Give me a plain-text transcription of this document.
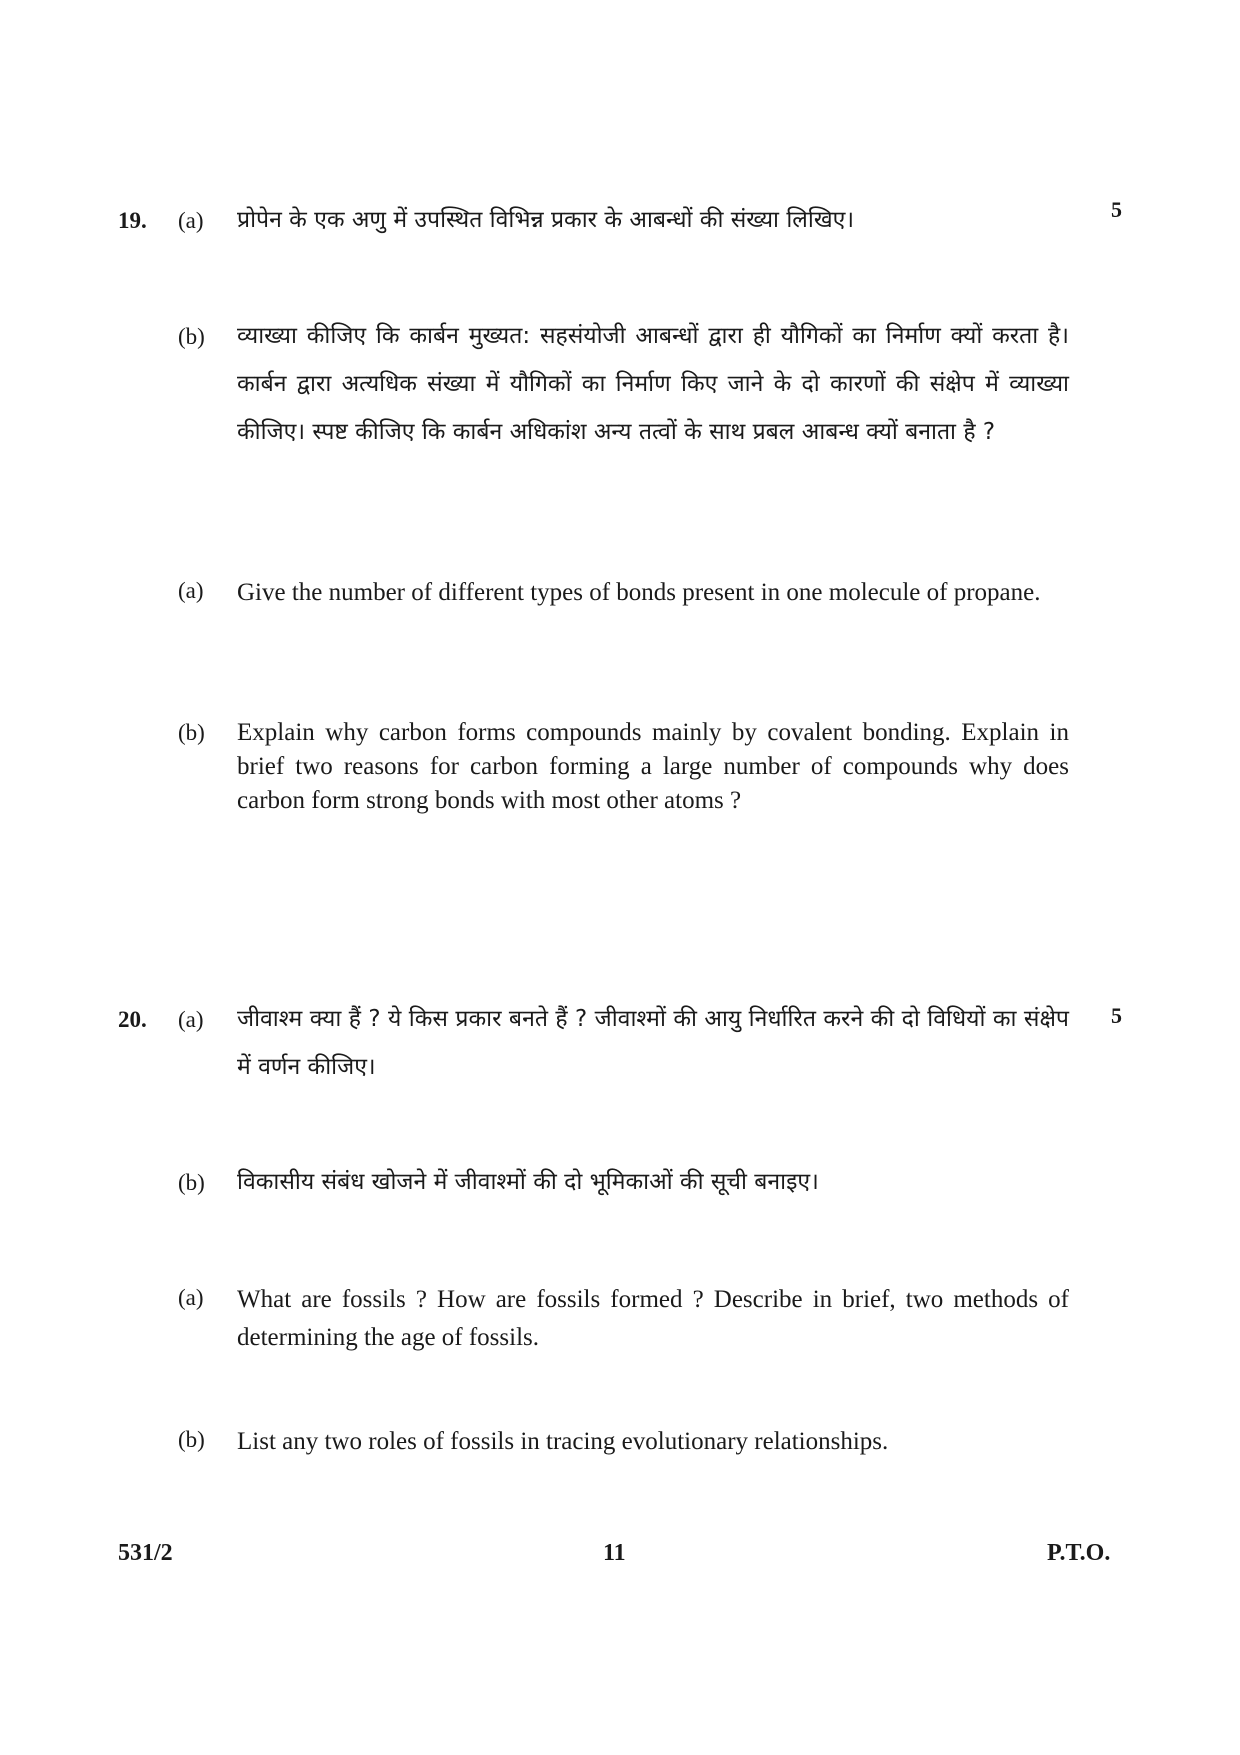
19.	5
(a) प्रोपेन के एक अणु में उपस्थित विभिन्न प्रकार के आबन्धों की संख्या लिखिए।

(b) व्याख्या कीजिए कि कार्बन मुख्यत: सहसंयोजी आबन्धों द्वारा ही यौगिकों का निर्माण क्यों करता है। कार्बन द्वारा अत्यधिक संख्या में यौगिकों का निर्माण किए जाने के दो कारणों की संक्षेप में व्याख्या कीजिए। स्पष्ट कीजिए कि कार्बन अधिकांश अन्य तत्वों के साथ प्रबल आबन्ध क्यों बनाता है ?

(a) Give the number of different types of bonds present in one molecule of propane.

(b) Explain why carbon forms compounds mainly by covalent bonding. Explain in brief two reasons for carbon forming a large number of compounds why does carbon form strong bonds with most other atoms ?

20.	5
(a) जीवाश्म क्या हैं ? ये किस प्रकार बनते हैं ? जीवाश्मों की आयु निर्धारित करने की दो विधियों का संक्षेप में वर्णन कीजिए।

(b) विकासीय संबंध खोजने में जीवाश्मों की दो भूमिकाओं की सूची बनाइए।

(a) What are fossils ? How are fossils formed ? Describe in brief, two methods of determining the age of fossils.

(b) List any two roles of fossils in tracing evolutionary relationships.

531/2	11	P.T.O.
